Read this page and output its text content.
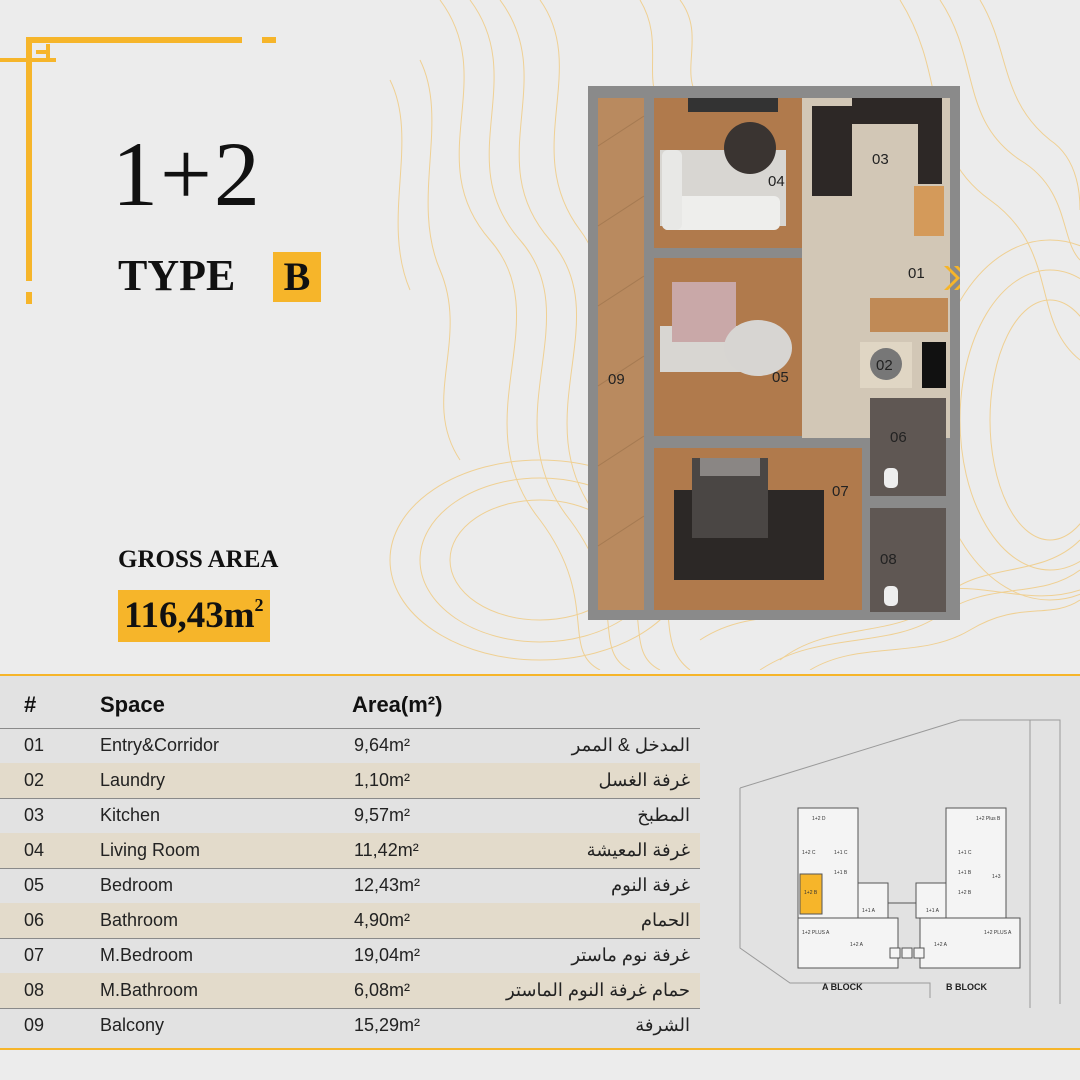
1+2
TYPE B
GROSS AREA
$116,43m^2$
01
02
03
04
05
06
07
08
09
#	Space	Area(m²)
01	Entry&Corridor	9,64m²	المدخل & الممر
02	Laundry	1,10m²	غرفة الغسل
03	Kitchen	9,57m²	المطبخ
04	Living Room	11,42m²	غرفة المعيشة
05	Bedroom	12,43m²	غرفة النوم
06	Bathroom	4,90m²	الحمام
07	M.Bedroom	19,04m²	غرفة نوم ماستر
08	M.Bathroom	6,08m²	حمام غرفة النوم الماستر
09	Balcony	15,29m²	الشرفة
1+2 D
1+1 C
1+2 C
1+1 B
1+2 B
1+1 A
1+2 PLUS A
1+2 A
1+2 Plus B
1+1 C
1+1 B
1+2 B
1+3
1+1 A
1+2 A
1+2 PLUS A
A BLOCK	B BLOCK
